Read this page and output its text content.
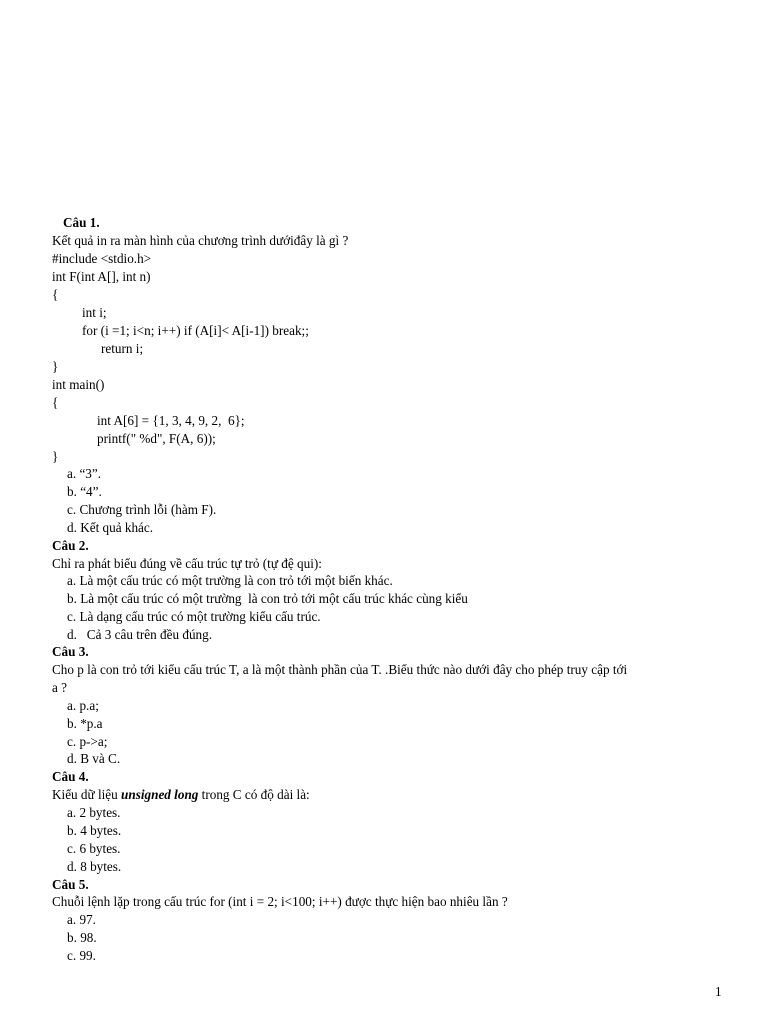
Câu 1.
Kết quả in ra màn hình của chương trình dướiđây là gì ?
#include <stdio.h>
int F(int A[], int n)
{
int i;
for (i =1; i<n; i++) if (A[i]< A[i-1]) break;;
return i;
}
int main()
{
int A[6] = {1, 3, 4, 9, 2,  6};
printf(" %d", F(A, 6));
}
a. “3”.
b. “4”.
c. Chương trình lỗi (hàm F).
d. Kết quả khác.
Câu 2.
Chỉ ra phát biểu đúng về cấu trúc tự trỏ (tự đệ qui):
a. Là một cấu trúc có một trường là con trỏ tới một biến khác.
b. Là một cấu trúc có một trường  là con trỏ tới một cấu trúc khác cùng kiểu
c. Là dạng cấu trúc có một trường kiểu cấu trúc.
d.   Cả 3 câu trên đều đúng.
Câu 3.
Cho p là con trỏ tới kiểu cấu trúc T, a là một thành phần của T. .Biểu thức nào dưới đây cho phép truy cập tới
a ?
a. p.a;
b. *p.a
c. p->a;
d. B và C.
Câu 4.
Kiểu dữ liệu unsigned long trong C có độ dài là:
a. 2 bytes.
b. 4 bytes.
c. 6 bytes.
d. 8 bytes.
Câu 5.
Chuỗi lệnh lặp trong cấu trúc for (int i = 2; i<100; i++) được thực hiện bao nhiêu lần ?
a. 97.
b. 98.
c. 99.
1
